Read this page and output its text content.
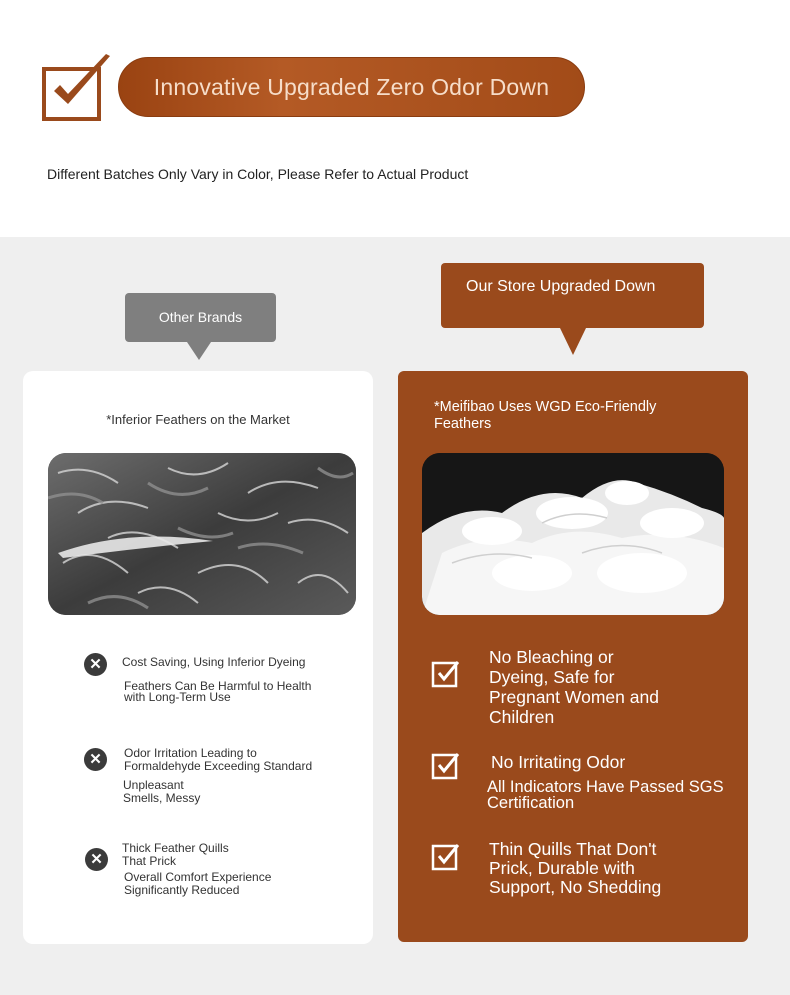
Innovative Upgraded Zero Odor Down
Different Batches Only Vary in Color, Please Refer to Actual Product
Other Brands
Our Store Upgraded Down
*Inferior Feathers on the Market
✕	Cost Saving, Using Inferior Dyeing
Feathers Can Be Harmful to Health with Long-Term Use
✕	Odor Irritation Leading to Formaldehyde Exceeding Standard
Unpleasant Smells, Messy
✕
Thick Feather Quills That Prick
Overall Comfort Experience Significantly Reduced
*Meifibao Uses WGD Eco-Friendly Feathers
No Bleaching or Dyeing, Safe for Pregnant Women and Children
No Irritating Odor
All Indicators Have Passed SGS Certification
Thin Quills That Don't Prick, Durable with Support, No Shedding
